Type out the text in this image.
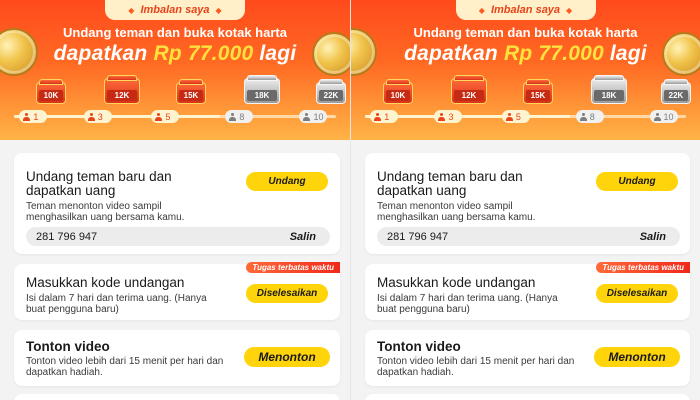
◆ Imbalan saya ◆
Undang teman dan buka kotak harta
dapatkan Rp 77.000 lagi
10K	12K	15K	18K	22K
1	3	5	8	10
Undang teman baru dan
dapatkan uang
Teman menonton video sampil
menghasilkan uang bersama kamu.
Undang
281 796 947	Salin
Tugas terbatas waktu
Masukkan kode undangan
Isi dalam 7 hari dan terima uang. (Hanya
buat pengguna baru)
Diselesaikan
Tonton video
Tonton video lebih dari 15 menit per hari dan
dapatkan hadiah.
Menonton
◆ Imbalan saya ◆
Undang teman dan buka kotak harta
dapatkan Rp 77.000 lagi
10K	12K	15K	18K	22K
1	3	5	8	10
Undang teman baru dan
dapatkan uang
Teman menonton video sampil
menghasilkan uang bersama kamu.
Undang
281 796 947	Salin
Tugas terbatas waktu
Masukkan kode undangan
Isi dalam 7 hari dan terima uang. (Hanya
buat pengguna baru)
Diselesaikan
Tonton video
Tonton video lebih dari 15 menit per hari dan
dapatkan hadiah.
Menonton
